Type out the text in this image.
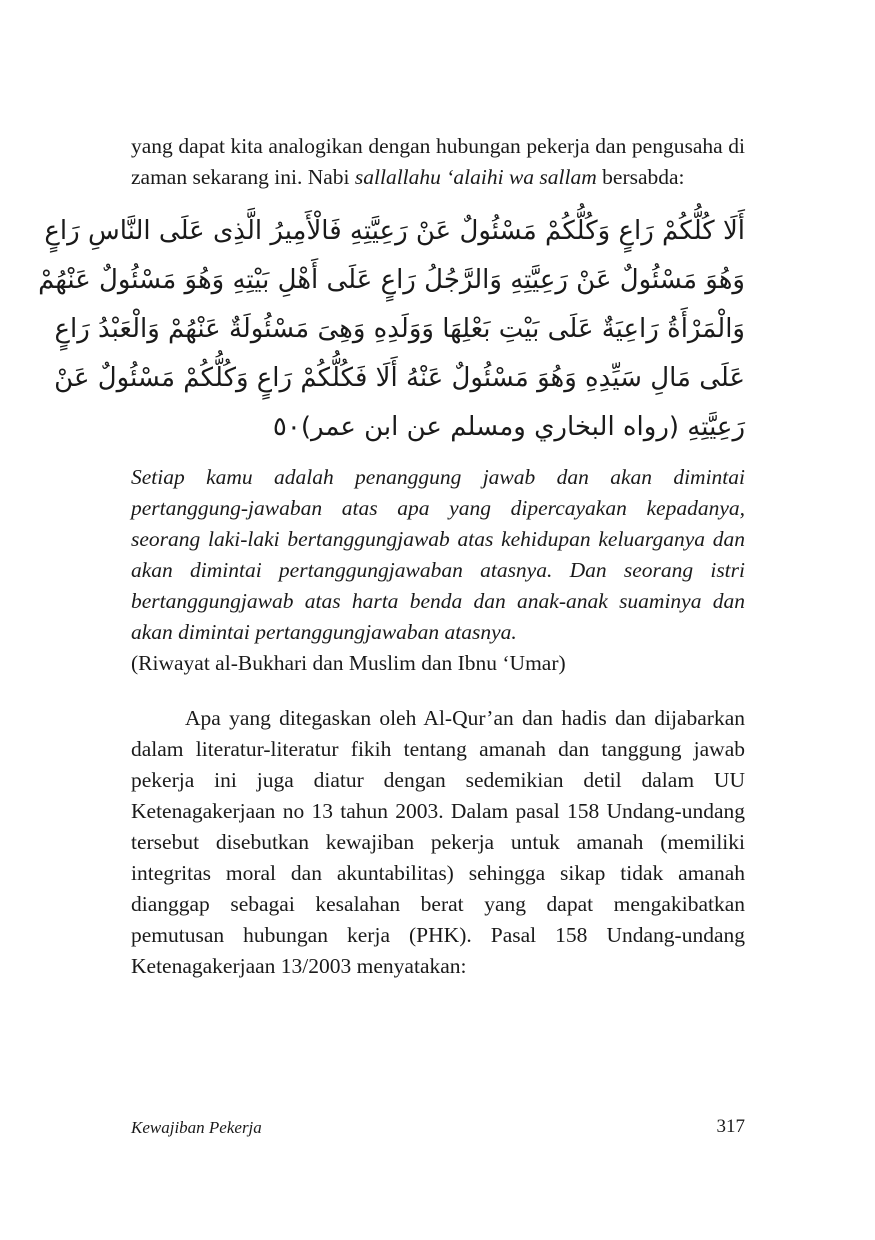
yang dapat kita analogikan dengan hubungan pekerja dan pengusaha di zaman sekarang ini. Nabi sallallahu ‘alaihi wa sallam bersabda:

أَلَا كُلُّكُمْ رَاعٍ وَكُلُّكُمْ مَسْئُولٌ عَنْ رَعِيَّتِهِ فَالْأَمِيرُ الَّذِى عَلَى النَّاسِ رَاعٍ
وَهُوَ مَسْئُولٌ عَنْ رَعِيَّتِهِ وَالرَّجُلُ رَاعٍ عَلَى أَهْلِ بَيْتِهِ وَهُوَ مَسْئُولٌ عَنْهُمْ
وَالْمَرْأَةُ رَاعِيَةٌ عَلَى بَيْتِ بَعْلِهَا وَوَلَدِهِ وَهِىَ مَسْئُولَةٌ عَنْهُمْ وَالْعَبْدُ رَاعٍ
عَلَى مَالِ سَيِّدِهِ وَهُوَ مَسْئُولٌ عَنْهُ أَلَا فَكُلُّكُمْ رَاعٍ وَكُلُّكُمْ مَسْئُولٌ عَنْ
رَعِيَّتِهِ (رواه البخاري ومسلم عن ابن عمر)٥٠

Setiap kamu adalah penanggung jawab dan akan dimintai pertanggung-jawaban atas apa yang dipercayakan kepadanya, seorang laki-laki bertanggungjawab atas kehidupan keluarganya dan akan dimintai pertanggungjawaban atasnya. Dan seorang istri bertanggungjawab atas harta benda dan anak-anak suaminya dan akan dimintai pertanggungjawaban atasnya.

(Riwayat al-Bukhari dan Muslim dan Ibnu ‘Umar)

Apa yang ditegaskan oleh Al-Qur’an dan hadis dan dijabarkan dalam literatur-literatur fikih tentang amanah dan tanggung jawab pekerja ini juga diatur dengan sedemikian detil dalam UU Ketenagakerjaan no 13 tahun 2003. Dalam pasal 158 Undang-undang tersebut disebutkan kewajiban pekerja untuk amanah (memiliki integritas moral dan akuntabilitas) sehingga sikap tidak amanah dianggap sebagai kesalahan berat yang dapat mengakibatkan pemutusan hubungan kerja (PHK). Pasal 158 Undang-undang Ketenagakerjaan 13/2003 menyatakan:

Kewajiban Pekerja	317
